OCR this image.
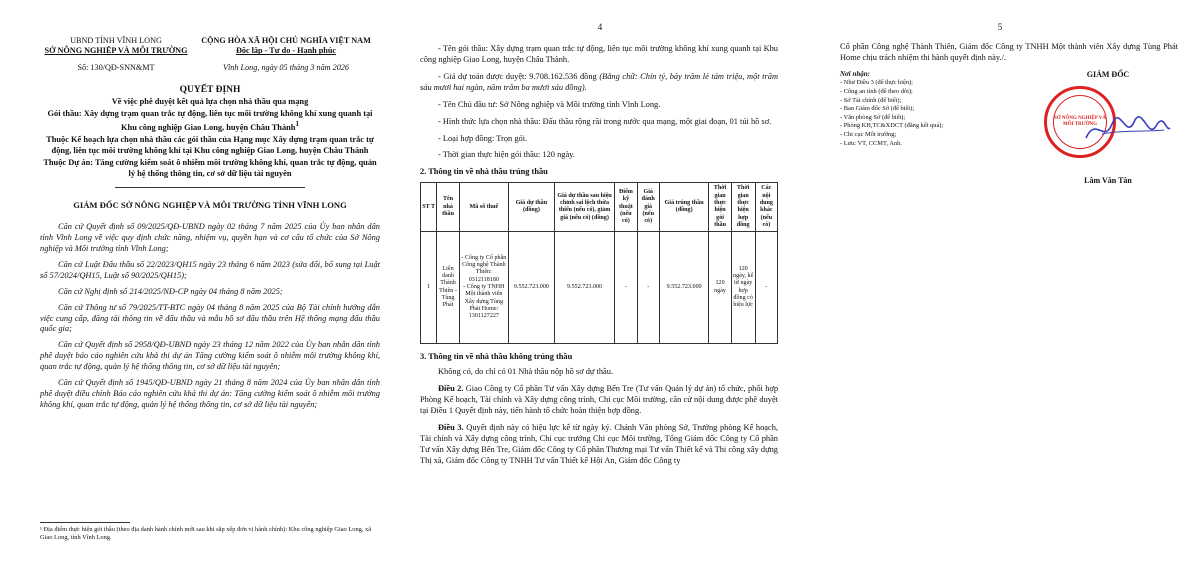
UBND TỈNH VĨNH LONG
SỞ NÔNG NGHIỆP VÀ MÔI TRƯỜNG
Số: 130/QĐ-SNN&MT
CỘNG HÒA XÃ HỘI CHỦ NGHĨA VIỆT NAM
Độc lập - Tự do - Hạnh phúc
Vĩnh Long, ngày 05 tháng 3 năm 2026
QUYẾT ĐỊNH
Về việc phê duyệt kết quả lựa chọn nhà thầu qua mạng
Gói thầu: Xây dựng trạm quan trắc tự động, liên tục môi trường không khí xung quanh tại Khu công nghiệp Giao Long, huyện Châu Thành$^1$
Thuộc Kế hoạch lựa chọn nhà thầu các gói thầu của Hạng mục Xây dựng trạm quan trắc tự động, liên tục môi trường không khí tại Khu công nghiệp Giao Long, huyện Châu Thành
Thuộc Dự án: Tăng cường kiểm soát ô nhiễm môi trường không khí, quan trắc tự động, quản lý hệ thống thông tin, cơ sở dữ liệu tài nguyên
GIÁM ĐỐC SỞ NÔNG NGHIỆP VÀ MÔI TRƯỜNG TỈNH VĨNH LONG

Căn cứ Quyết định số 09/2025/QĐ-UBND ngày 02 tháng 7 năm 2025 của Ủy ban nhân dân tỉnh Vĩnh Long về việc quy định chức năng, nhiệm vụ, quyền hạn và cơ cấu tổ chức của Sở Nông nghiệp và Môi trường tỉnh Vĩnh Long;

Căn cứ Luật Đấu thầu số 22/2023/QH15 ngày 23 tháng 6 năm 2023 (sửa đổi, bổ sung tại Luật số 57/2024/QH15, Luật số 90/2025/QH15);

Căn cứ Nghị định số 214/2025/NĐ-CP ngày 04 tháng 8 năm 2025;

Căn cứ Thông tư số 79/2025/TT-BTC ngày 04 tháng 8 năm 2025 của Bộ Tài chính hướng dẫn việc cung cấp, đăng tải thông tin về đấu thầu và mẫu hồ sơ đấu thầu trên Hệ thống mạng đấu thầu quốc gia;

Căn cứ Quyết định số 2958/QĐ-UBND ngày 23 tháng 12 năm 2022 của Ủy ban nhân dân tỉnh phê duyệt báo cáo nghiên cứu khả thi dự án Tăng cường kiểm soát ô nhiễm môi trường không khí, quan trắc tự động, quản lý hệ thống thông tin, cơ sở dữ liệu tài nguyên;

Căn cứ Quyết định số 1945/QĐ-UBND ngày 21 tháng 8 năm 2024 của Ủy ban nhân dân tỉnh phê duyệt điều chỉnh Báo cáo nghiên cứu khả thi dự án: Tăng cường kiểm soát ô nhiễm môi trường không khí, quan trắc tự động, quản lý hệ thống thông tin, cơ sở dữ liệu tài nguyên;

¹ Địa điểm thực hiện gói thầu (theo địa danh hành chính mới sau khi sắp xếp đơn vị hành chính): Khu công nghiệp Giao Long, xã Giao Long, tỉnh Vĩnh Long.
4

- Tên gói thầu: Xây dựng trạm quan trắc tự động, liên tục môi trường không khí xung quanh tại Khu công nghiệp Giao Long, huyện Châu Thành.

- Giá dự toán được duyệt: 9.708.162.536 đồng (Bằng chữ: Chín tỷ, bảy trăm lẻ tám triệu, một trăm sáu mươi hai ngàn, năm trăm ba mươi sáu đồng).

- Tên Chủ đầu tư: Sở Nông nghiệp và Môi trường tỉnh Vĩnh Long.

- Hình thức lựa chọn nhà thầu: Đấu thầu rộng rãi trong nước qua mạng, một giai đoạn, 01 túi hồ sơ.

- Loại hợp đồng: Trọn gói.

- Thời gian thực hiện gói thầu: 120 ngày.

2. Thông tin về nhà thầu trúng thầu
ST T	Tên nhà thầu	Mã số thuế	Giá dự thầu (đồng)	Giá dự thầu sau hiệu chỉnh sai lệch thừa thiếu (nếu có), giảm giá (nếu có) (đồng)	Điểm kỹ thuật (nếu có)	Giá đánh giá (nếu có)	Giá trúng thầu (đồng)	Thời gian thực hiện gói thầu	Thời gian thực hiện hợp đồng	Các nội dung khác (nếu có)
1	Liên danh Thành Thiên - Tùng Phát	- Công ty Cổ phần Công nghệ Thành Thiên: 0312118180
- Công ty TNHH Một thành viên Xây dựng Tùng Phát Home: 1301127227	9.552.723.000	9.552.723.000	-	-	9.552.723.000	120 ngày	120 ngày, kể từ ngày hợp đồng có hiệu lực	-
3. Thông tin về nhà thầu không trúng thầu

Không có, do chỉ có 01 Nhà thầu nộp hồ sơ dự thầu.

Điều 2. Giao Công ty Cổ phần Tư vấn Xây dựng Bến Tre (Tư vấn Quản lý dự án) tổ chức, phối hợp Phòng Kế hoạch, Tài chính và Xây dựng công trình, Chi cục Môi trường, căn cứ nội dung được phê duyệt tại Điều 1 Quyết định này, tiến hành tổ chức hoàn thiện hợp đồng.

Điều 3. Quyết định này có hiệu lực kể từ ngày ký. Chánh Văn phòng Sở, Trưởng phòng Kế hoạch, Tài chính và Xây dựng công trình, Chi cục trưởng Chi cục Môi trường, Tổng Giám đốc Công ty Cổ phần Tư vấn Xây dựng Bến Tre, Giám đốc Công ty Cổ phần Thương mại Tư vấn Thiết kế và Thi công xây dựng Thị xã, Giám đốc Công ty TNHH Tư vấn Thiết kế Hội An, Giám đốc Công ty

5

Cổ phần Công nghệ Thành Thiên, Giám đốc Công ty TNHH Một thành viên Xây dựng Tùng Phát Home chịu trách nhiệm thi hành quyết định này./.

Nơi nhận:
- Như Điều 3 (để thực hiện);
- Công an tỉnh (để theo dõi);
- Sở Tài chính (để biết);
- Ban Giám đốc Sở (để biết);
- Văn phòng Sở (để biết);
- Phòng KH,TC&XDCT (đăng kết quả);
- Chi cục Môi trường;
- Lưu: VT, CCMT, Anh.
GIÁM ĐỐC
SỞ NÔNG NGHIỆP VÀ MÔI TRƯỜNG
Lâm Văn Tân
